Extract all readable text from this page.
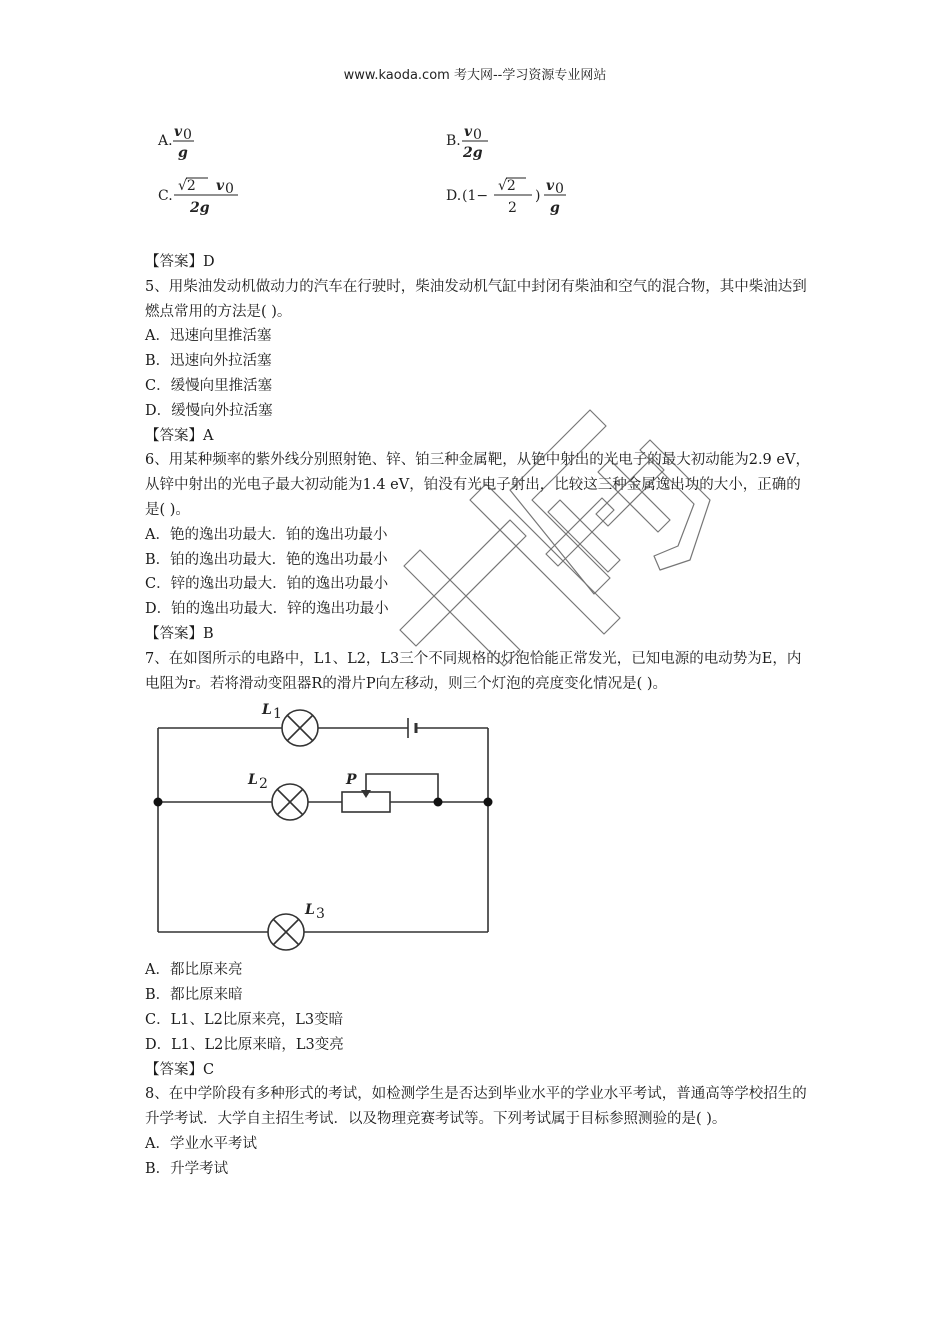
www.kaoda.com 考大网--学习资源专业网站
A.
v 0
g
B.
v 0
2g
C.
√2 v 0
2g
D. (1−
√2
2
)
v 0
g

【答案】D

5、用柴油发动机做动力的汽车在行驶时，柴油发动机气缸中封闭有柴油和空气的混合物，其中柴油达到燃点常用的方法是( )。

A．迅速向里推活塞

B．迅速向外拉活塞

C．缓慢向里推活塞

D．缓慢向外拉活塞

【答案】A

6、用某种频率的紫外线分别照射铯、锌、铂三种金属靶，从铯中射出的光电子的最大初动能为2.9 eV，从锌中射出的光电子最大初动能为1.4 eV，铂没有光电子射出，比较这三种金属逸出功的大小，正确的是( )。

A．铯的逸出功最大．铂的逸出功最小

B．铂的逸出功最大．铯的逸出功最小

C．锌的逸出功最大．铂的逸出功最小

D．铂的逸出功最大．锌的逸出功最小

【答案】B

7、在如图所示的电路中，L1、L2，L3三个不同规格的灯泡恰能正常发光，已知电源的电动势为E，内电阻为r。若将滑动变阻器R的滑片P向左移动，则三个灯泡的亮度变化情况是( )。

L 1
L 2
L 3
P

A．都比原来亮

B．都比原来暗

C．L1、L2比原来亮，L3变暗

D．L1、L2比原来暗，L3变亮

【答案】C

8、在中学阶段有多种形式的考试，如检测学生是否达到毕业水平的学业水平考试，普通高等学校招生的升学考试．大学自主招生考试．以及物理竞赛考试等。下列考试属于目标参照测验的是( )。

A．学业水平考试

B．升学考试
